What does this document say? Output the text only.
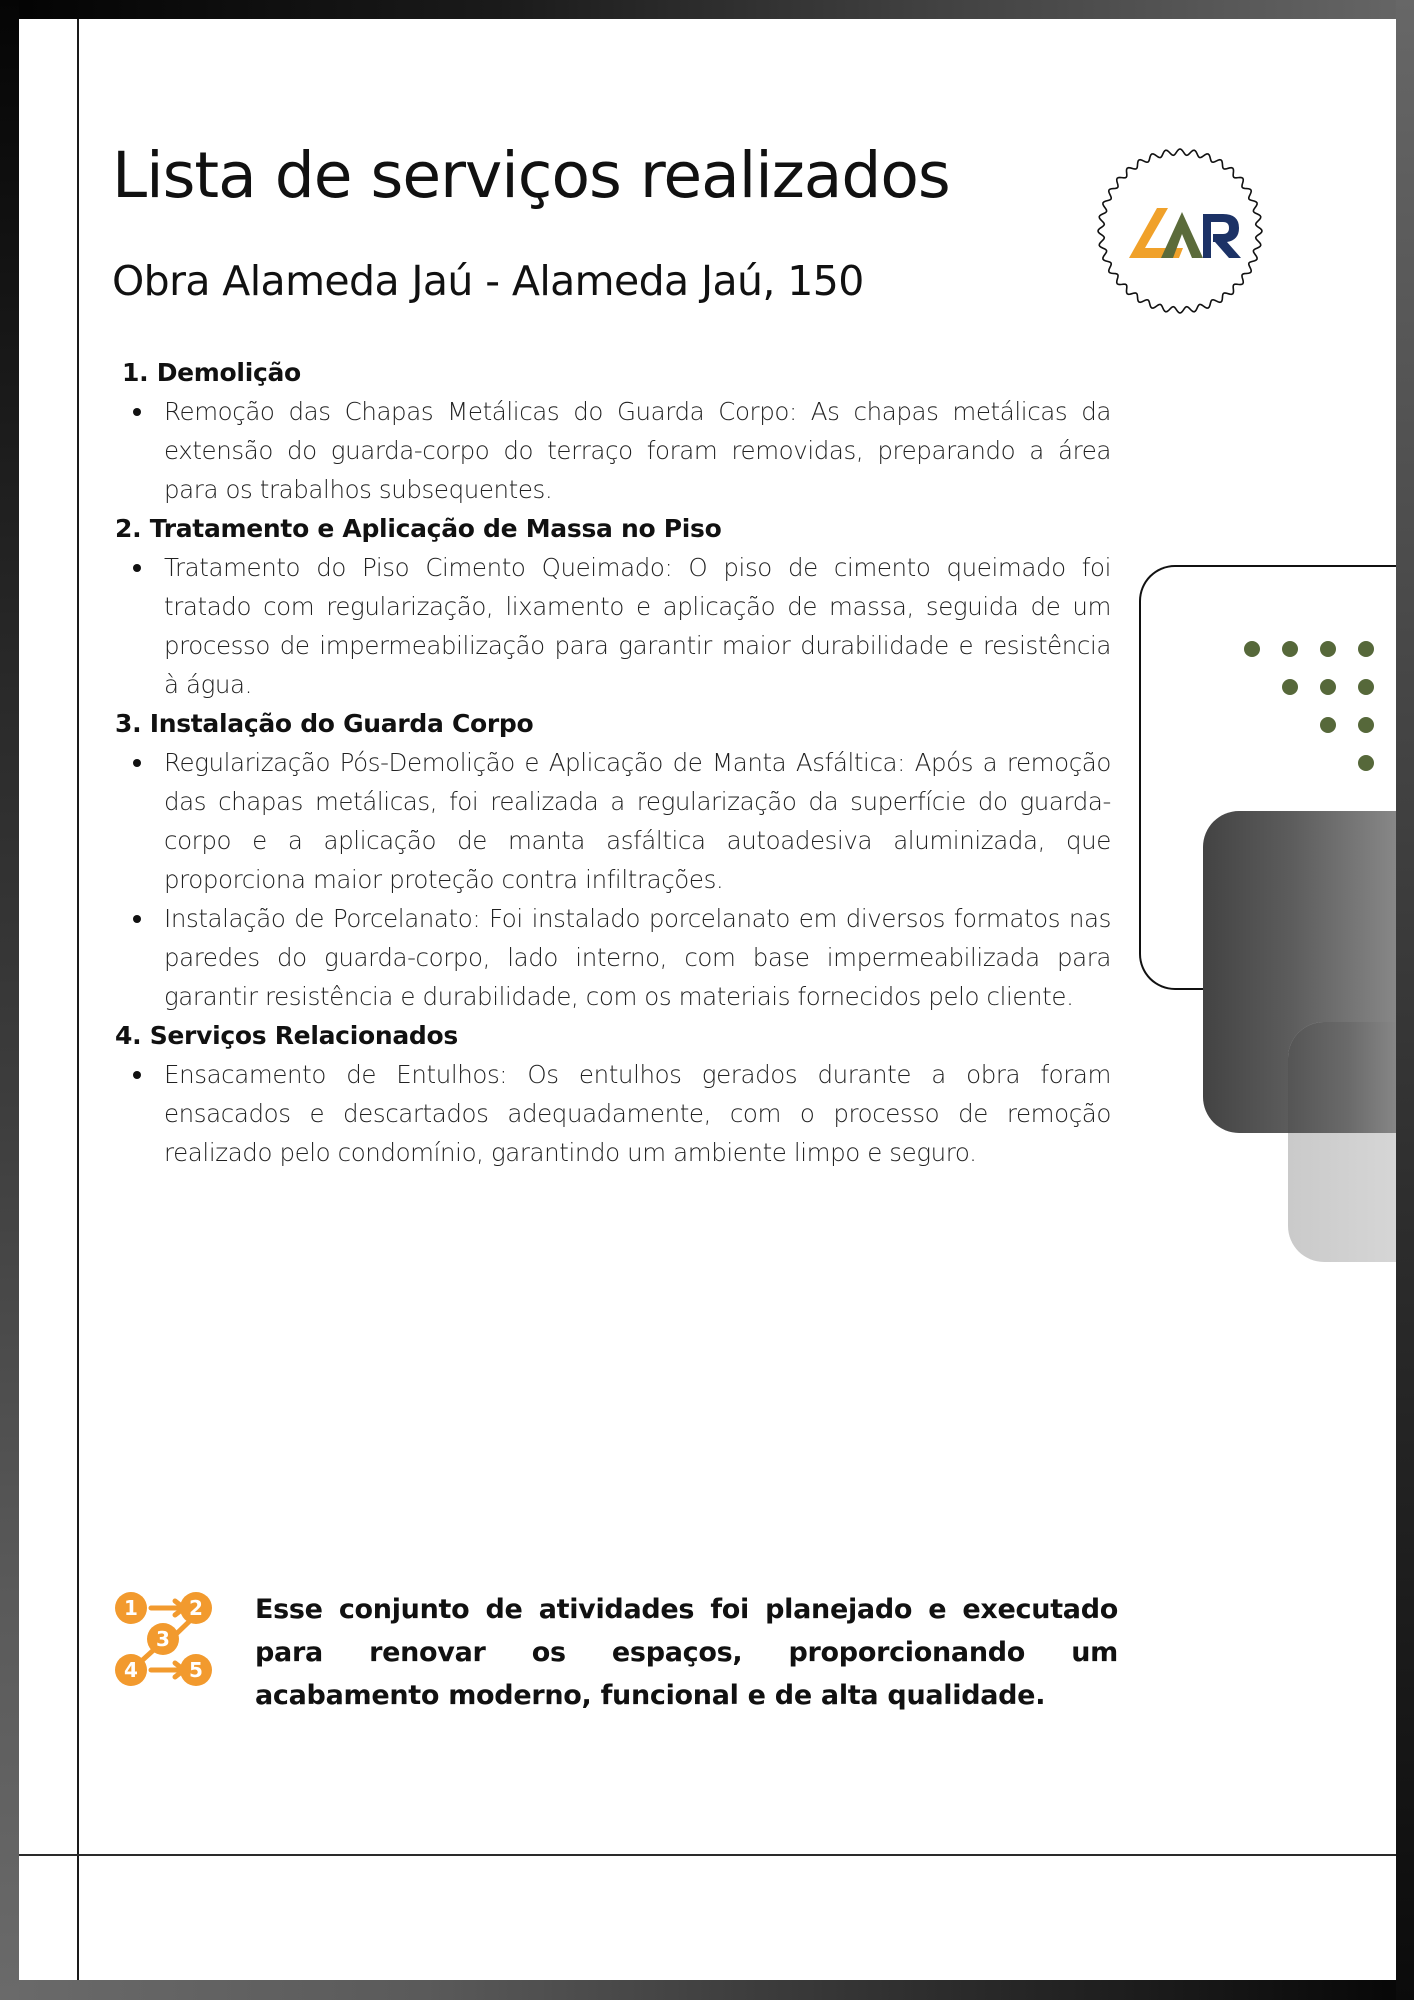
Lista de serviços realizados
Obra Alameda Jaú - Alameda Jaú, 150
1. Demolição
Remoção das Chapas Metálicas do Guarda Corpo: As chapas metálicas da extensão do guarda-corpo do terraço foram removidas, preparando a área para os trabalhos subsequentes.
2. Tratamento e Aplicação de Massa no Piso
Tratamento do Piso Cimento Queimado: O piso de cimento queimado foi tratado com regularização, lixamento e aplicação de massa, seguida de um processo de impermeabilização para garantir maior durabilidade e resistência à água.
3. Instalação do Guarda Corpo
Regularização Pós-Demolição e Aplicação de Manta Asfáltica: Após a remoção das chapas metálicas, foi realizada a regularização da superfície do guarda-corpo e a aplicação de manta asfáltica autoadesiva aluminizada, que proporciona maior proteção contra infiltrações.
Instalação de Porcelanato: Foi instalado porcelanato em diversos formatos nas paredes do guarda-corpo, lado interno, com base impermeabilizada para garantir resistência e durabilidade, com os materiais fornecidos pelo cliente.
4. Serviços Relacionados
Ensacamento de Entulhos: Os entulhos gerados durante a obra foram ensacados e descartados adequadamente, com o processo de remoção realizado pelo condomínio, garantindo um ambiente limpo e seguro.
1	2
3
4	5

Esse conjunto de atividades foi planejado e executado para renovar os espaços, proporcionando um acabamento moderno, funcional e de alta qualidade.
